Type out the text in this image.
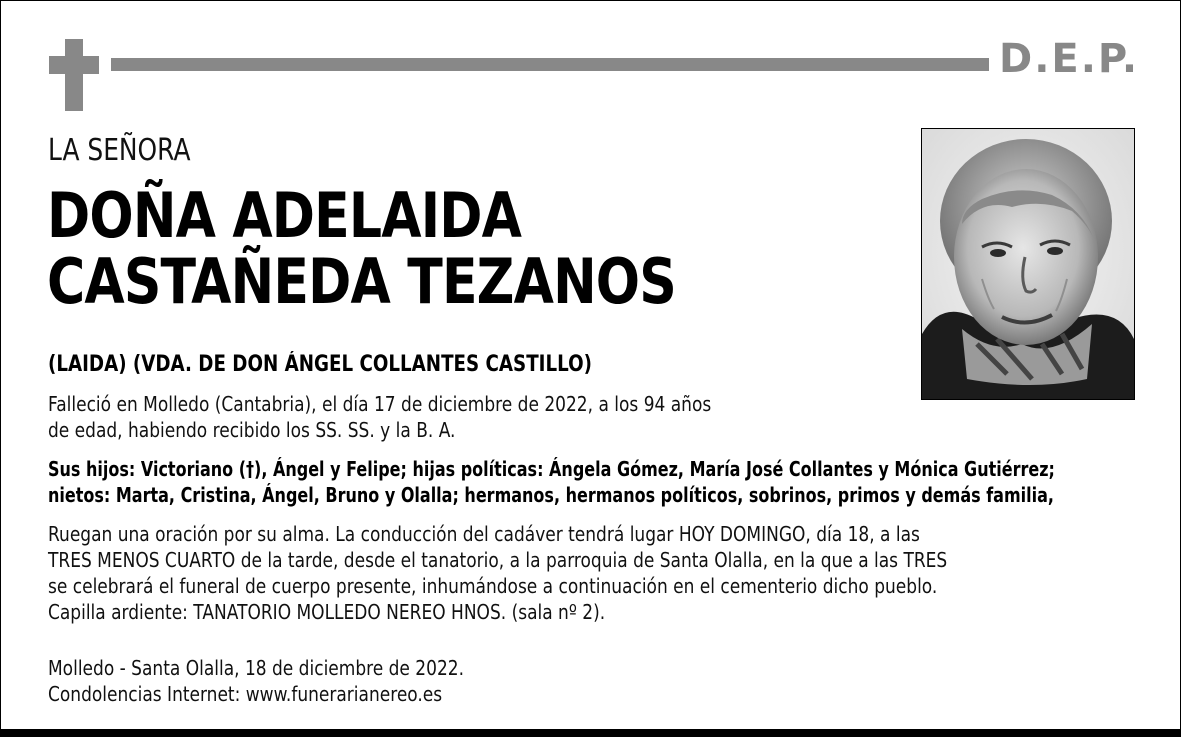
D.E.P.
LA SEÑORA
DOÑA ADELAIDA
CASTAÑEDA TEZANOS
(LAIDA) (VDA. DE DON ÁNGEL COLLANTES CASTILLO)
Falleció en Molledo (Cantabria), el día 17 de diciembre de 2022, a los 94 años
de edad, habiendo recibido los SS. SS. y la B. A.
Sus hijos: Victoriano (†), Ángel y Felipe; hijas políticas: Ángela Gómez, María José Collantes y Mónica Gutiérrez;
nietos: Marta, Cristina, Ángel, Bruno y Olalla; hermanos, hermanos políticos, sobrinos, primos y demás familia,
Ruegan una oración por su alma. La conducción del cadáver tendrá lugar HOY DOMINGO, día 18, a las
TRES MENOS CUARTO de la tarde, desde el tanatorio, a la parroquia de Santa Olalla, en la que a las TRES
se celebrará el funeral de cuerpo presente, inhumándose a continuación en el cementerio dicho pueblo.
Capilla ardiente: TANATORIO MOLLEDO NEREO HNOS. (sala nº 2).
Molledo - Santa Olalla, 18 de diciembre de 2022.
Condolencias Internet: www.funerarianereo.es
